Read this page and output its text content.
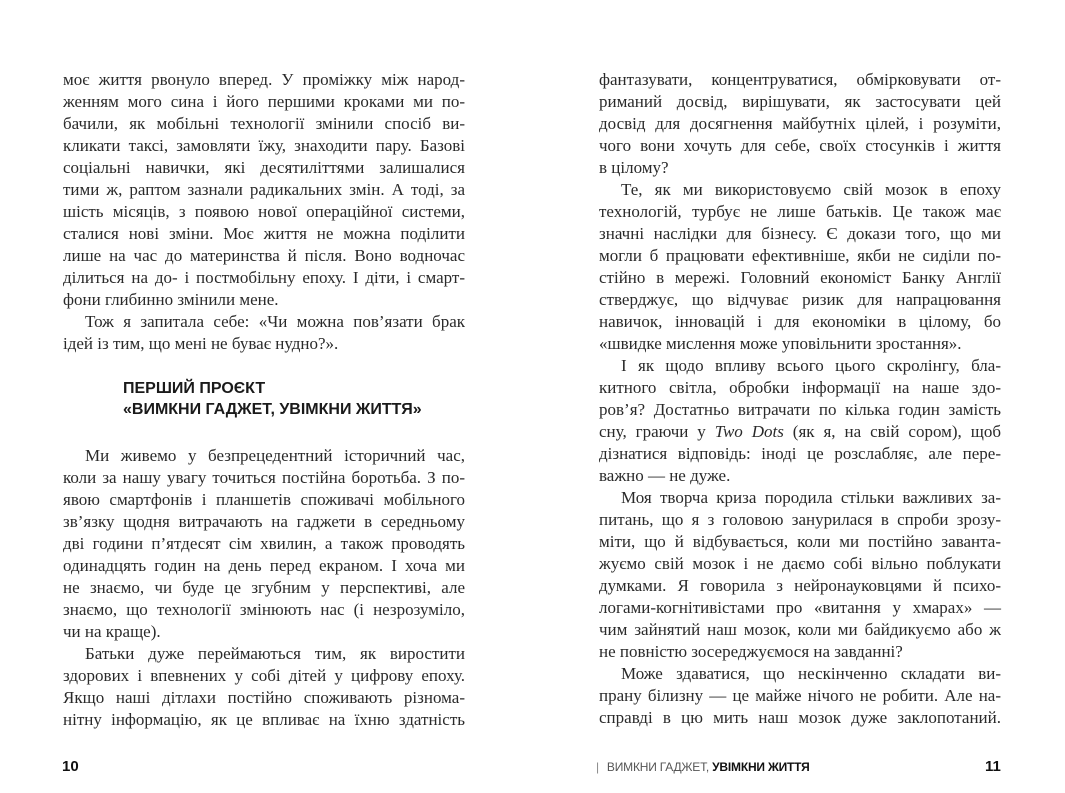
моє життя рвонуло вперед. У проміжку між народ-
женням мого сина і його першими кроками ми по-
бачили, як мобільні технології змінили спосіб ви-
кликати таксі, замовляти їжу, знаходити пару. Базові
соціальні навички, які десятиліттями залишалися
тими ж, раптом зазнали радикальних змін. А тоді, за
шість місяців, з появою нової операційної системи,
сталися нові зміни. Моє життя не можна поділити
лише на час до материнства й після. Воно водночас
ділиться на до- і постмобільну епоху. І діти, і смарт-
фони глибинно змінили мене.
Тож я запитала себе: «Чи можна пов’язати брак
ідей із тим, що мені не буває нудно?».
ПЕРШИЙ ПРОЄКТ
«ВИМКНИ ГАДЖЕТ, УВІМКНИ ЖИТТЯ»
Ми живемо у безпрецедентний історичний час,
коли за нашу увагу точиться постійна боротьба. З по-
явою смартфонів і планшетів споживачі мобільного
зв’язку щодня витрачають на гаджети в середньому
дві години п’ятдесят сім хвилин, а також проводять
одинадцять годин на день перед екраном. І хоча ми
не знаємо, чи буде це згубним у перспективі, але
знаємо, що технології змінюють нас (і незрозуміло,
чи на краще).
Батьки дуже переймаються тим, як виростити
здорових і впевнених у собі дітей у цифрову епоху.
Якщо наші дітлахи постійно споживають різнома-
нітну інформацію, як це впливає на їхню здатність
фантазувати, концентруватися, обмірковувати от-
риманий досвід, вирішувати, як застосувати цей
досвід для досягнення майбутніх цілей, і розуміти,
чого вони хочуть для себе, своїх стосунків і життя
в цілому?
Те, як ми використовуємо свій мозок в епоху
технологій, турбує не лише батьків. Це також має
значні наслідки для бізнесу. Є докази того, що ми
могли б працювати ефективніше, якби не сиділи по-
стійно в мережі. Головний економіст Банку Англії
стверджує, що відчуває ризик для напрацювання
навичок, інновацій і для економіки в цілому, бо
«швидке мислення може уповільнити зростання».
І як щодо впливу всього цього скролінгу, бла-
китного світла, обробки інформації на наше здо-
ров’я? Достатньо витрачати по кілька годин замість
сну, граючи у Two Dots (як я, на свій сором), щоб
дізнатися відповідь: іноді це розслабляє, але пере-
важно — не дуже.
Моя творча криза породила стільки важливих за-
питань, що я з головою занурилася в спроби зрозу-
міти, що й відбувається, коли ми постійно заванта-
жуємо свій мозок і не даємо собі вільно поблукати
думками. Я говорила з нейронауковцями й психо-
логами-когнітивістами про «витання у хмарах» —
чим зайнятий наш мозок, коли ми байдикуємо або ж
не повністю зосереджуємося на завданні?
Може здаватися, що нескінченно складати ви-
прану білизну — це майже нічого не робити. Але на-
справді в цю мить наш мозок дуже заклопотаний.
10	| ВИМКНИ ГАДЖЕТ, УВІМКНИ ЖИТТЯ	11
